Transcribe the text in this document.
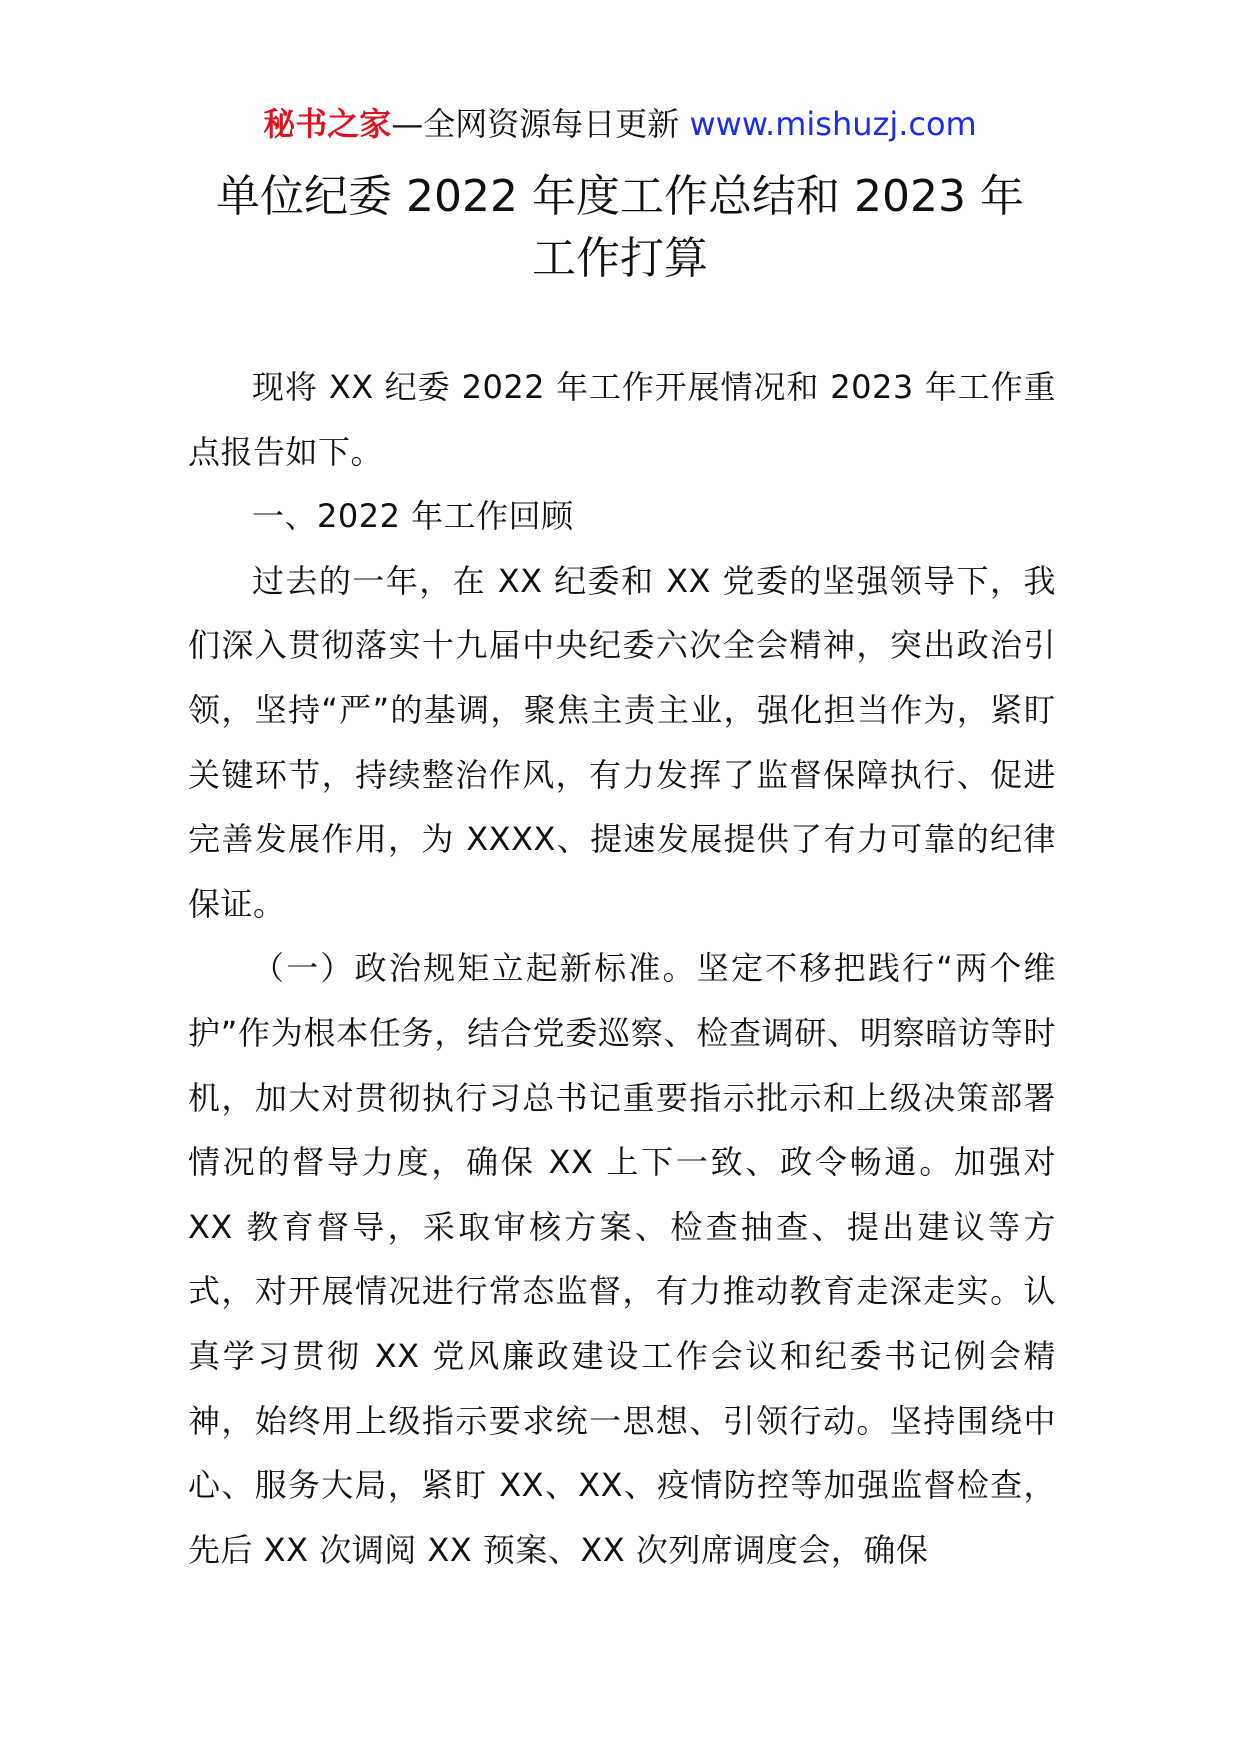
秘书之家—全网资源每日更新 www.mishuzj.com
单位纪委 2022 年度工作总结和 2023 年
工作打算

现将 XX 纪委 2022 年工作开展情况和 2023 年工作重点报告如下。

一、2022 年工作回顾

过去的一年，在 XX 纪委和 XX 党委的坚强领导下，我们深入贯彻落实十九届中央纪委六次全会精神，突出政治引领，坚持“严”的基调，聚焦主责主业，强化担当作为，紧盯关键环节，持续整治作风，有力发挥了监督保障执行、促进完善发展作用，为 XXXX、提速发展提供了有力可靠的纪律保证。

（一）政治规矩立起新标准。坚定不移把践行“两个维护”作为根本任务，结合党委巡察、检查调研、明察暗访等时机，加大对贯彻执行习总书记重要指示批示和上级决策部署情况的督导力度，确保 XX 上下一致、政令畅通。加强对 XX 教育督导，采取审核方案、检查抽查、提出建议等方式，对开展情况进行常态监督，有力推动教育走深走实。认真学习贯彻 XX 党风廉政建设工作会议和纪委书记例会精神，始终用上级指示要求统一思想、引领行动。坚持围绕中心、服务大局，紧盯 XX、XX、疫情防控等加强监督检查，先后 XX 次调阅 XX 预案、XX 次列席调度会，确保
